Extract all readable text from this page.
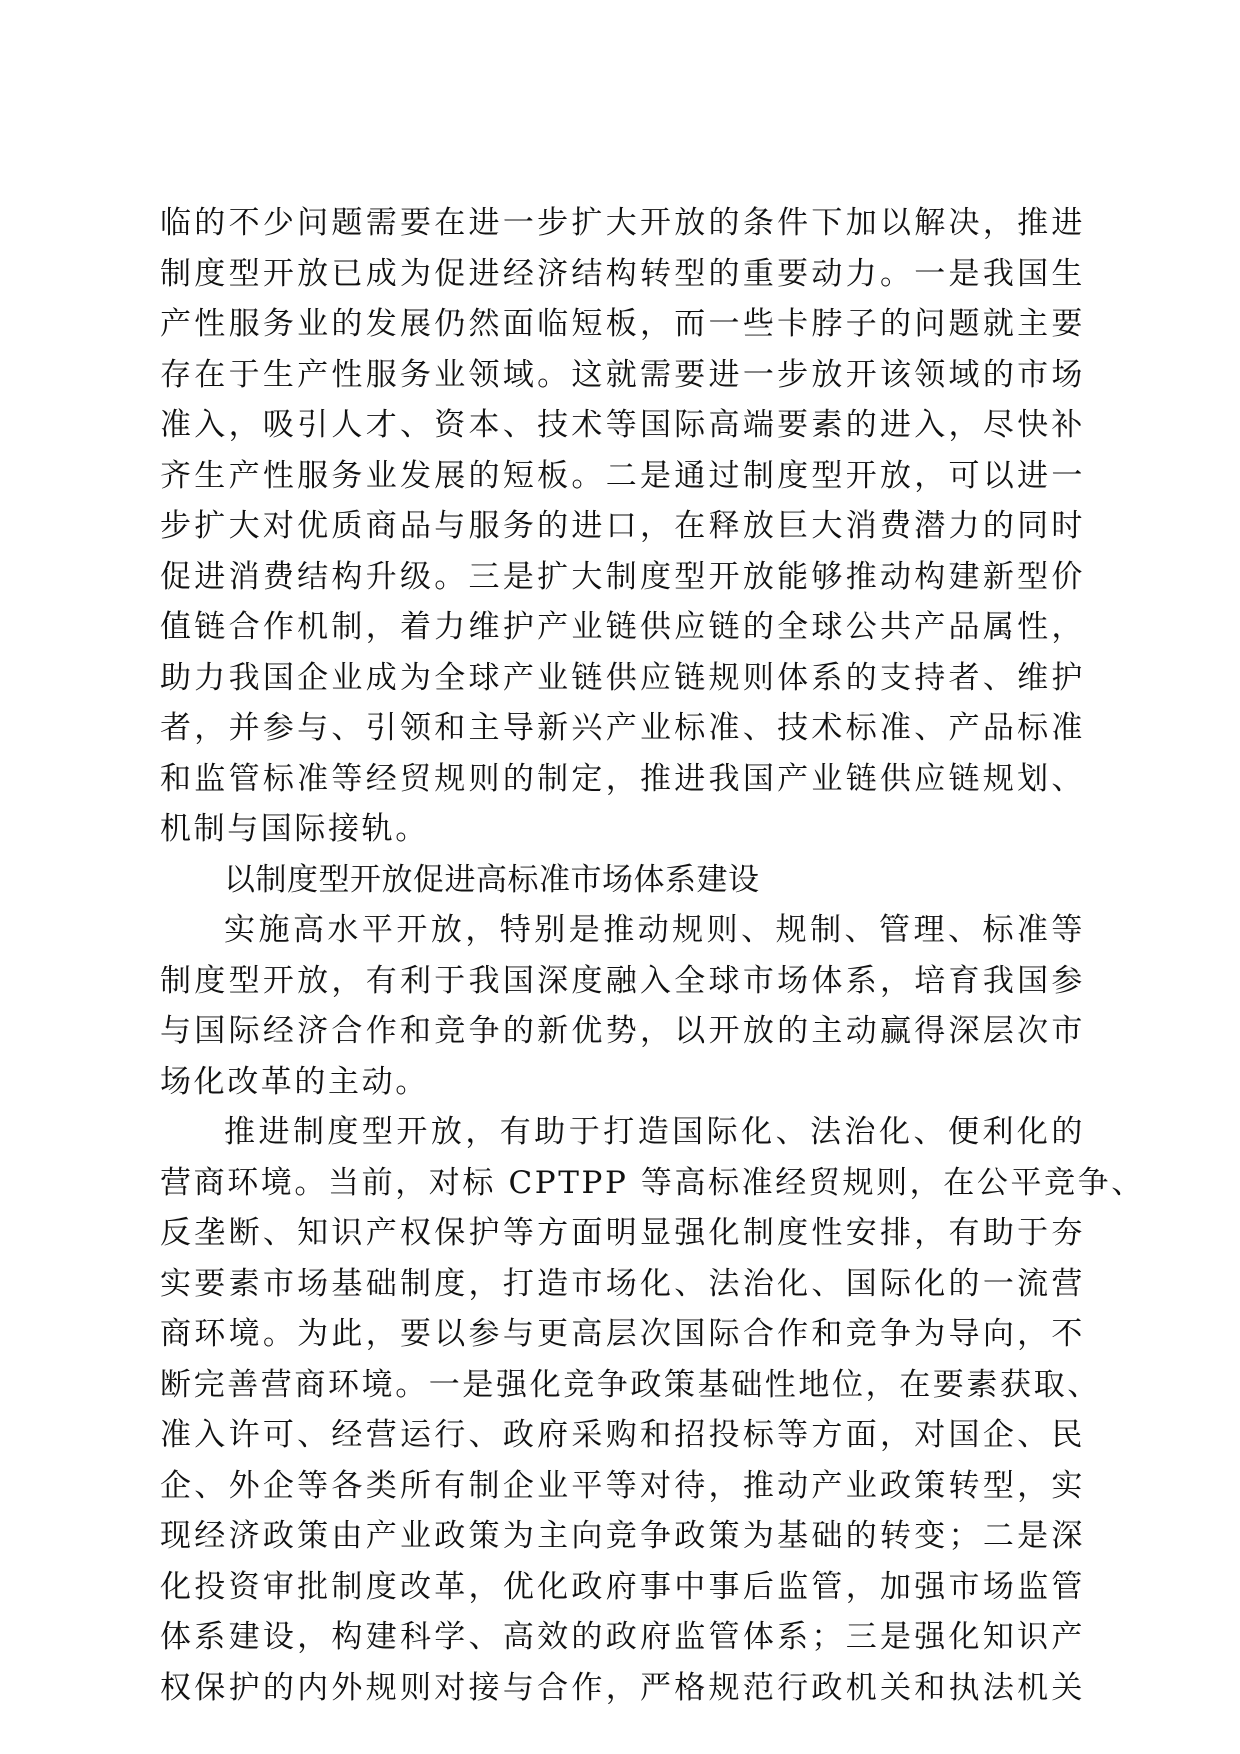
临的不少问题需要在进一步扩大开放的条件下加以解决，推进
制度型开放已成为促进经济结构转型的重要动力。一是我国生
产性服务业的发展仍然面临短板，而一些卡脖子的问题就主要
存在于生产性服务业领域。这就需要进一步放开该领域的市场
准入，吸引人才、资本、技术等国际高端要素的进入，尽快补
齐生产性服务业发展的短板。二是通过制度型开放，可以进一
步扩大对优质商品与服务的进口，在释放巨大消费潜力的同时
促进消费结构升级。三是扩大制度型开放能够推动构建新型价
值链合作机制，着力维护产业链供应链的全球公共产品属性，
助力我国企业成为全球产业链供应链规则体系的支持者、维护
者，并参与、引领和主导新兴产业标准、技术标准、产品标准
和监管标准等经贸规则的制定，推进我国产业链供应链规划、
机制与国际接轨。
以制度型开放促进高标准市场体系建设
实施高水平开放，特别是推动规则、规制、管理、标准等
制度型开放，有利于我国深度融入全球市场体系，培育我国参
与国际经济合作和竞争的新优势，以开放的主动赢得深层次市
场化改革的主动。
推进制度型开放，有助于打造国际化、法治化、便利化的
营商环境。当前，对标 CPTPP 等高标准经贸规则，在公平竞争、
反垄断、知识产权保护等方面明显强化制度性安排，有助于夯
实要素市场基础制度，打造市场化、法治化、国际化的一流营
商环境。为此，要以参与更高层次国际合作和竞争为导向，不
断完善营商环境。一是强化竞争政策基础性地位，在要素获取、
准入许可、经营运行、政府采购和招投标等方面，对国企、民
企、外企等各类所有制企业平等对待，推动产业政策转型，实
现经济政策由产业政策为主向竞争政策为基础的转变；二是深
化投资审批制度改革，优化政府事中事后监管，加强市场监管
体系建设，构建科学、高效的政府监管体系；三是强化知识产
权保护的内外规则对接与合作，严格规范行政机关和执法机关
